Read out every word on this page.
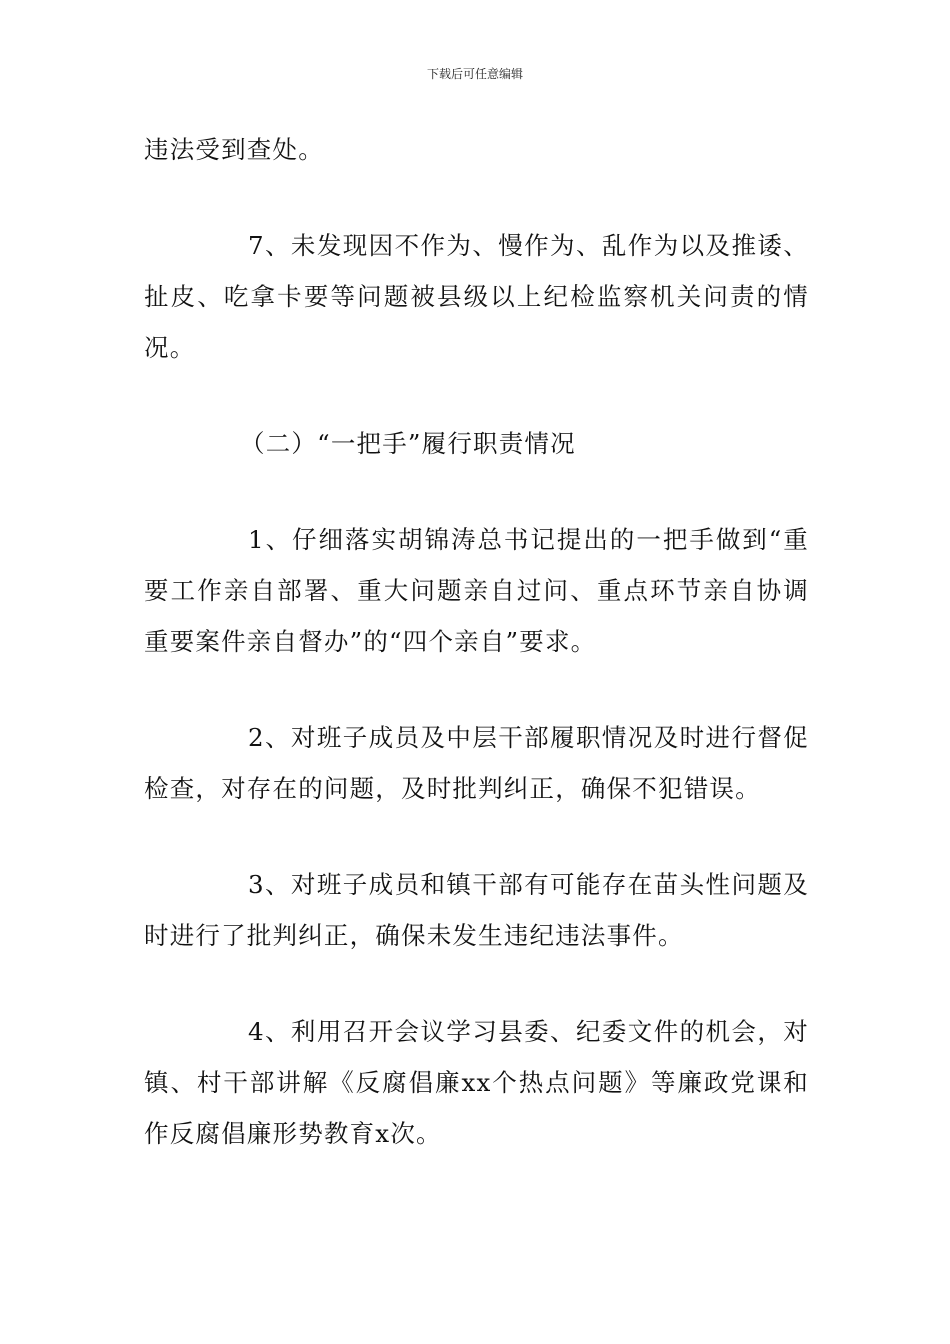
下载后可任意编辑

违法受到查处。

7、未发现因不作为、慢作为、乱作为以及推诿、扯皮、吃拿卡要等问题被县级以上纪检监察机关问责的情况。

（二）“一把手”履行职责情况

1、仔细落实胡锦涛总书记提出的一把手做到“重要工作亲自部署、重大问题亲自过问、重点环节亲自协调重要案件亲自督办”的“四个亲自”要求。

2、对班子成员及中层干部履职情况及时进行督促检查，对存在的问题，及时批判纠正，确保不犯错误。

3、对班子成员和镇干部有可能存在苗头性问题及时进行了批判纠正，确保未发生违纪违法事件。

4、利用召开会议学习县委、纪委文件的机会，对镇、村干部讲解《反腐倡廉xx个热点问题》等廉政党课和作反腐倡廉形势教育x次。
